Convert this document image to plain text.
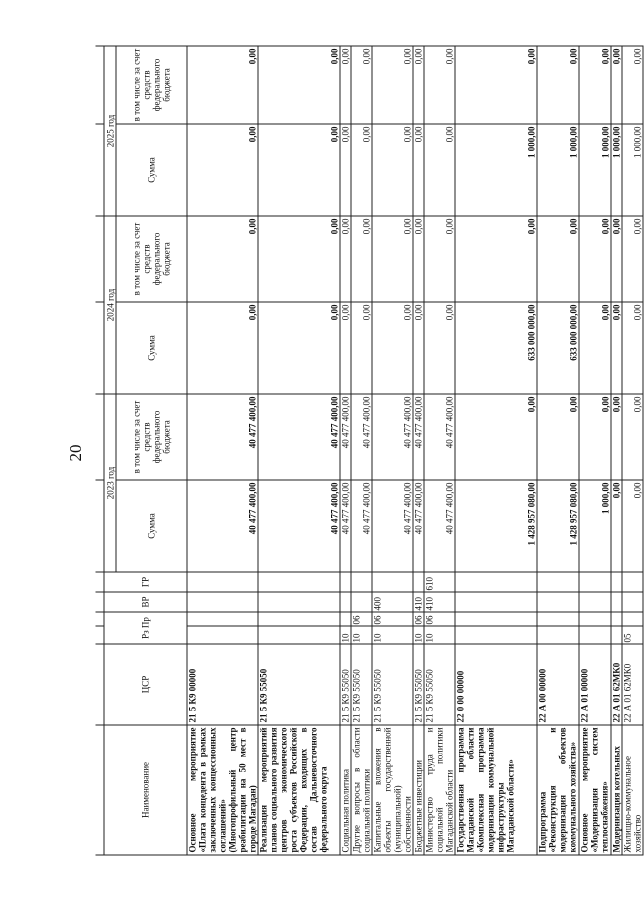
20

Наименование	ЦСР	Рз Пр		ВР	ГР	2023 год		2024 год		2025 год	
						Сумма	в том числе за счет средств федерального бюджета	Сумма	в том числе за счет средств федерального бюджета	Сумма	в том числе за счет средств федерального бюджета
Основное мероприятие «Плата концедента в рамках заключенных концессионных соглашений» (Многопрофильный центр реабилитации на 50 мест в городе Магадан)	21 5 К9 00000					40 477 400,00	40 477 400,00	0,00	0,00	0,00	0,00
Реализация мероприятий планов социального развития центров экономического роста субъектов Российской Федерации, входящих в состав Дальневосточного федерального округа	21 5 К9 55050					40 477 400,00	40 477 400,00	0,00	0,00	0,00	0,00
Социальная политика	21 5 К9 55050	10				40 477 400,00	40 477 400,00	0,00	0,00	0,00	0,00
Другие вопросы в области социальной политики	21 5 К9 55050	10	06			40 477 400,00	40 477 400,00	0,00	0,00	0,00	0,00
Капитальные вложения в объекты государственной (муниципальной) собственности	21 5 К9 55050	10	06	400		40 477 400,00	40 477 400,00	0,00	0,00	0,00	0,00
Бюджетные инвестиции	21 5 К9 55050	10	06	410		40 477 400,00	40 477 400,00	0,00	0,00	0,00	0,00
Министерство труда и социальной политики Магаданской области	21 5 К9 55050	10	06	410	610	40 477 400,00	40 477 400,00	0,00	0,00	0,00	0,00
Государственная программа Магаданской области «Комплексная программа модернизации коммунальной инфраструктуры Магаданской области»	22 0 00 00000					1 428 957 080,00	0,00	633 000 000,00	0,00	1 000,00	0,00
Подпрограмма «Реконструкция и модернизация объектов коммунального хозяйства»	22 А 00 00000					1 428 957 080,00	0,00	633 000 000,00	0,00	1 000,00	0,00
Основное мероприятие «Модернизация систем теплоснабжения»	22 А 01 00000					1 000,00	0,00	0,00	0,00	1 000,00	0,00
Модернизация котельных	22 А 01 62МК0					0,00	0,00	0,00	0,00	1 000,00	0,00
Жилищно-коммунальное хозяйство	22 А 01 62МК0	05				0,00	0,00	0,00	0,00	1 000,00	0,00
